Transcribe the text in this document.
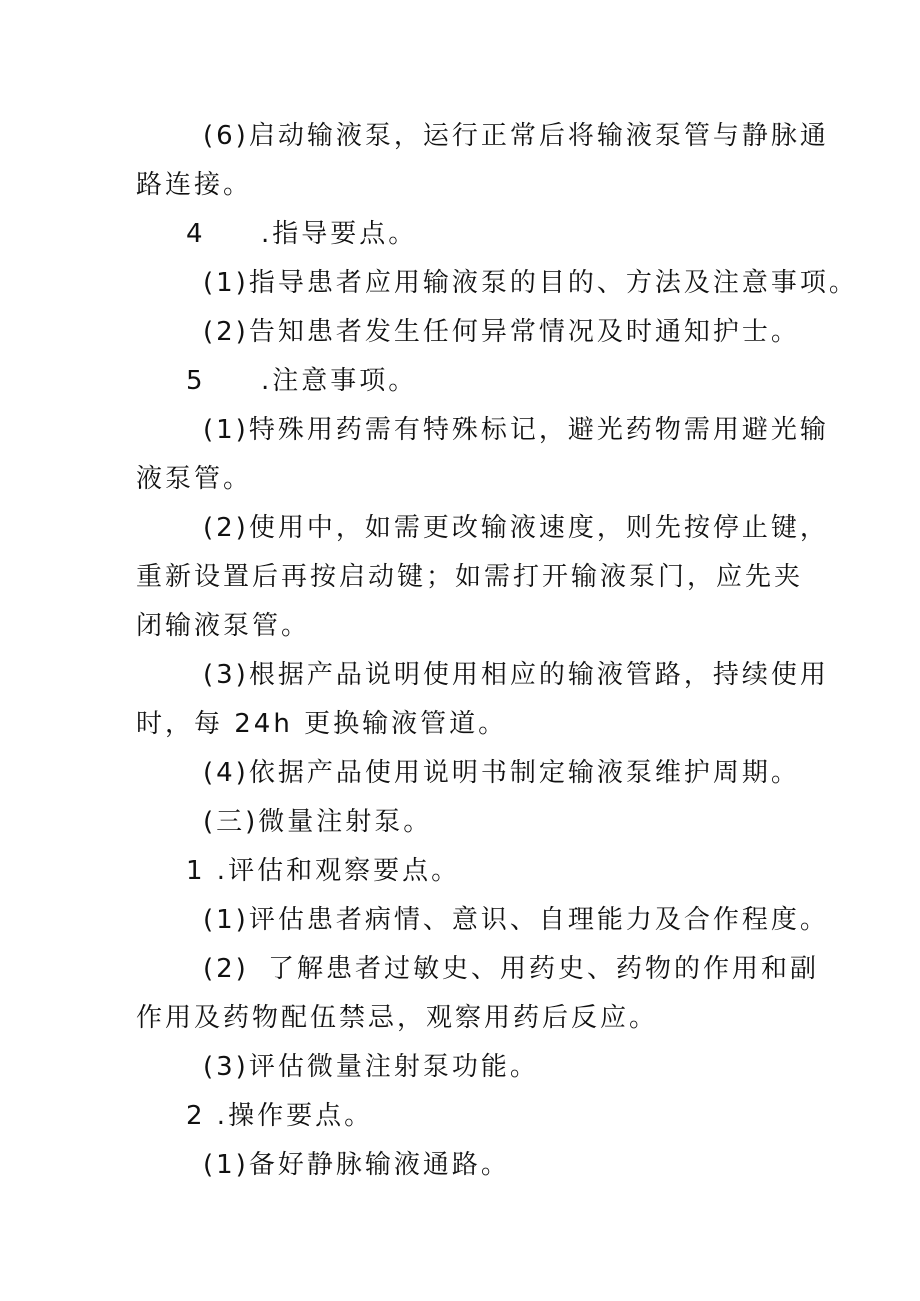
(6)启动输液泵，运行正常后将输液泵管与静脉通
路连接。
4 .指导要点。
(1)指导患者应用输液泵的目的、方法及注意事项。
(2)告知患者发生任何异常情况及时通知护士。
5 .注意事项。
(1)特殊用药需有特殊标记，避光药物需用避光输
液泵管。
(2)使用中，如需更改输液速度，则先按停止键，
重新设置后再按启动键；如需打开输液泵门，应先夹
闭输液泵管。
(3)根据产品说明使用相应的输液管路，持续使用
时，每 24h 更换输液管道。
(4)依据产品使用说明书制定输液泵维护周期。
(三)微量注射泵。
1 .评估和观察要点。
(1)评估患者病情、意识、自理能力及合作程度。
(2) 了解患者过敏史、用药史、药物的作用和副
作用及药物配伍禁忌，观察用药后反应。
(3)评估微量注射泵功能。
2 .操作要点。
(1)备好静脉输液通路。
